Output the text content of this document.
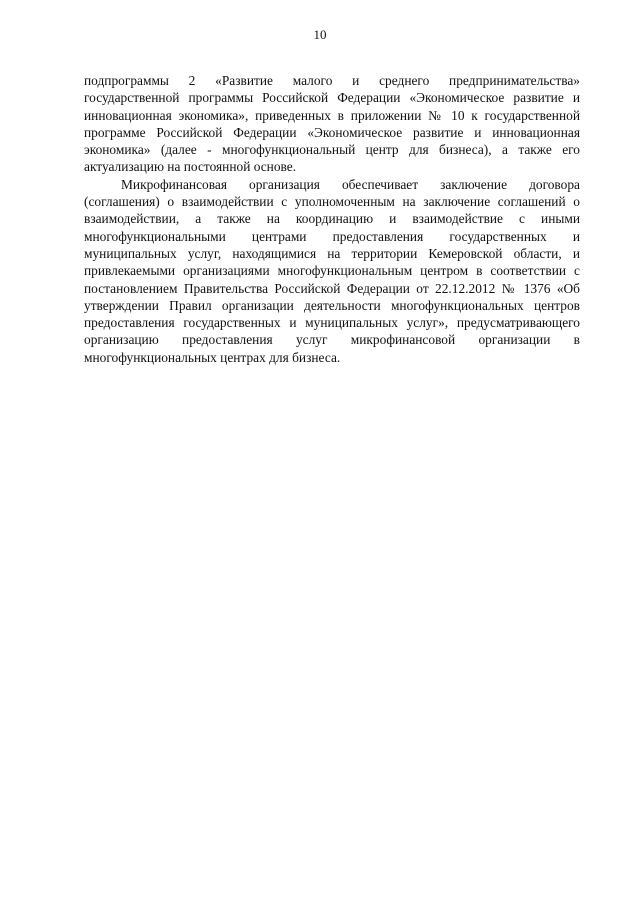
10

подпрограммы 2 «Развитие малого и среднего предпринимательства» государственной программы Российской Федерации «Экономическое развитие и инновационная экономика», приведенных в приложении № 10 к государственной программе Российской Федерации «Экономическое развитие и инновационная экономика» (далее - многофункциональный центр для бизнеса), а также его актуализацию на постоянной основе.

Микрофинансовая организация обеспечивает заключение договора (соглашения) о взаимодействии с уполномоченным на заключение соглашений о взаимодействии, а также на координацию и взаимодействие с иными многофункциональными центрами предоставления государственных и муниципальных услуг, находящимися на территории Кемеровской области, и привлекаемыми организациями многофункциональным центром в соответствии с постановлением Правительства Российской Федерации от 22.12.2012 № 1376 «Об утверждении Правил организации деятельности многофункциональных центров предоставления государственных и муниципальных услуг», предусматривающего организацию предоставления услуг микрофинансовой организации в многофункциональных центрах для бизнеса.
